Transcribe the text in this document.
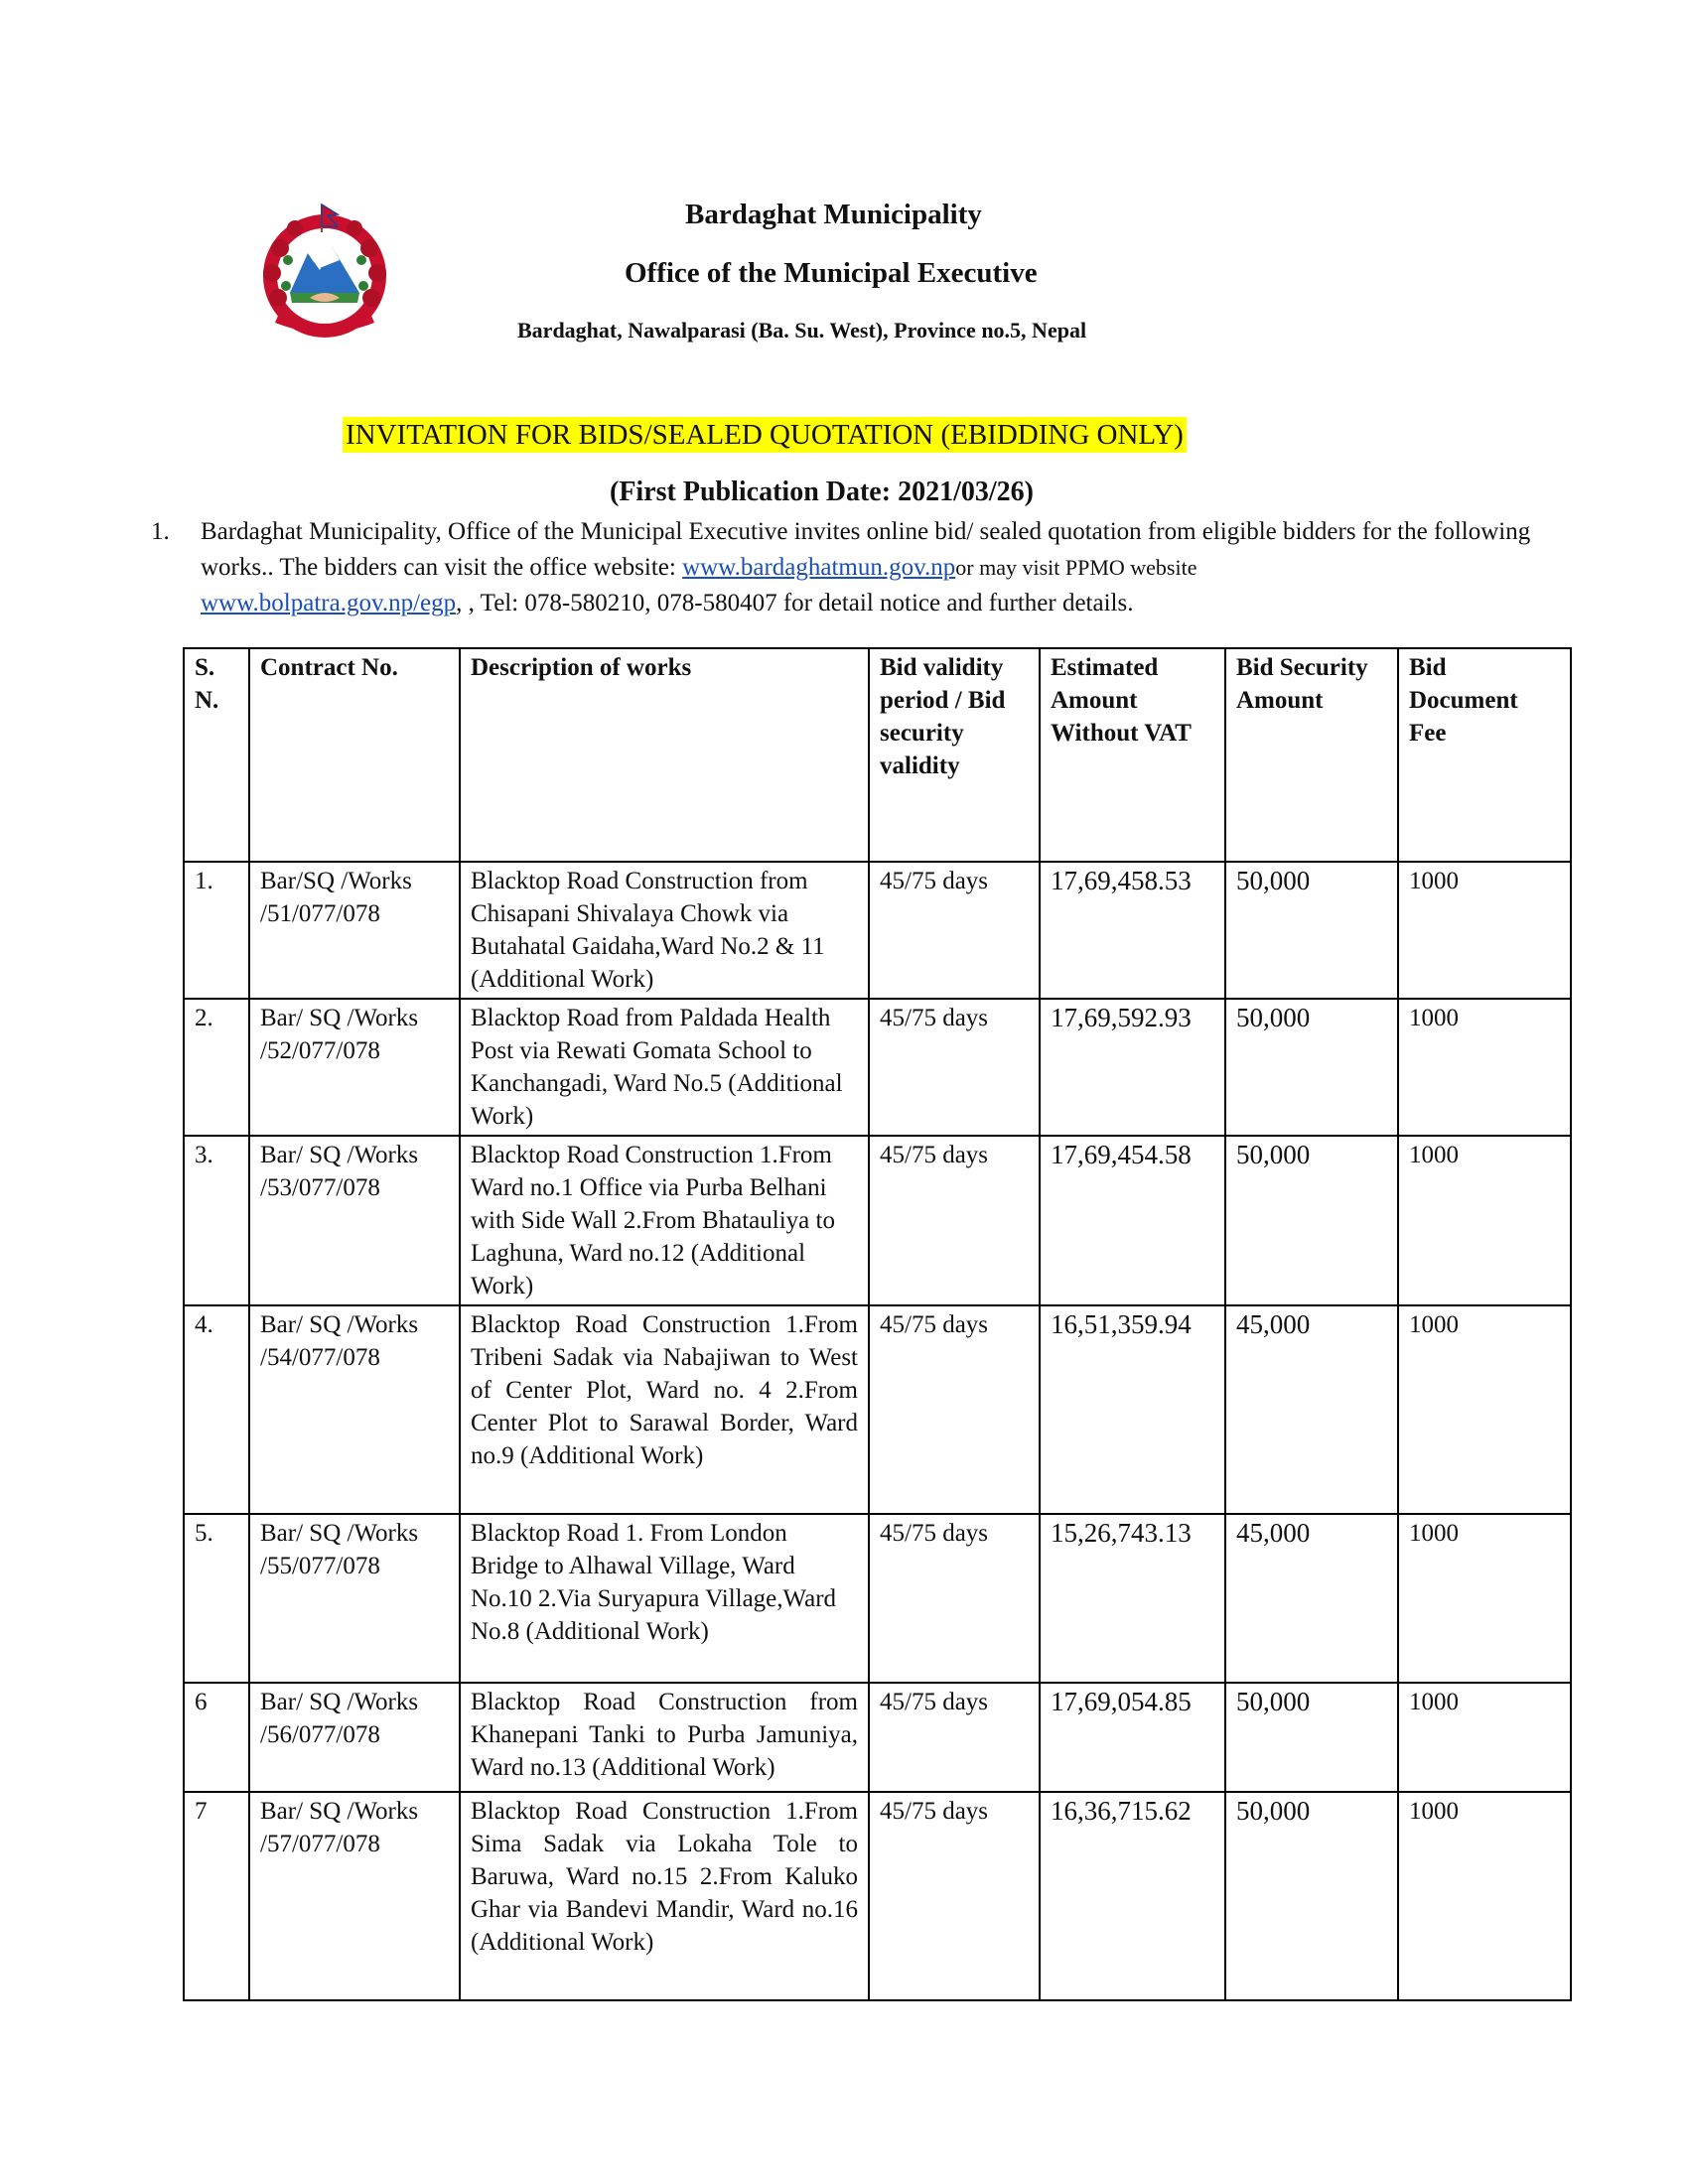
Bardaghat Municipality
Office of the Municipal Executive
Bardaghat, Nawalparasi (Ba. Su. West), Province no.5, Nepal
INVITATION FOR BIDS/SEALED QUOTATION (EBIDDING ONLY)
(First Publication Date: 2021/03/26)
1. Bardaghat Municipality, Office of the Municipal Executive invites online bid/ sealed quotation from eligible bidders for the following works.. The bidders can visit the office website: www.bardaghatmun.gov.npor may visit PPMO website
www.bolpatra.gov.np/egp, , Tel: 078-580210, 078-580407 for detail notice and further details.
S. N.	Contract No.	Description of works	Bid validity period / Bid security validity	Estimated Amount Without VAT	Bid Security Amount	Bid Document Fee
1.	Bar/SQ /Works /51/077/078	Blacktop Road Construction from Chisapani Shivalaya Chowk via Butahatal Gaidaha,Ward No.2 & 11 (Additional Work)	45/75 days	17,69,458.53	50,000	1000
2.	Bar/ SQ /Works /52/077/078	Blacktop Road from Paldada Health Post via Rewati Gomata School to Kanchangadi, Ward No.5 (Additional Work)	45/75 days	17,69,592.93	50,000	1000
3.	Bar/ SQ /Works /53/077/078	Blacktop Road Construction 1.From Ward no.1 Office via Purba Belhani with Side Wall 2.From Bhatauliya to Laghuna, Ward no.12 (Additional Work)	45/75 days	17,69,454.58	50,000	1000
4.	Bar/ SQ /Works /54/077/078	Blacktop Road Construction 1.From Tribeni Sadak via Nabajiwan to West of Center Plot, Ward no. 4 2.From Center Plot to Sarawal Border, Ward no.9 (Additional Work)	45/75 days	16,51,359.94	45,000	1000
5.	Bar/ SQ /Works /55/077/078	Blacktop Road 1. From London Bridge to Alhawal Village, Ward No.10 2.Via Suryapura Village,Ward No.8 (Additional Work)	45/75 days	15,26,743.13	45,000	1000
6	Bar/ SQ /Works /56/077/078	Blacktop Road Construction from Khanepani Tanki to Purba Jamuniya, Ward no.13 (Additional Work)	45/75 days	17,69,054.85	50,000	1000
7	Bar/ SQ /Works /57/077/078	Blacktop Road Construction 1.From Sima Sadak via Lokaha Tole to Baruwa, Ward no.15 2.From Kaluko Ghar via Bandevi Mandir, Ward no.16 (Additional Work)	45/75 days	16,36,715.62	50,000	1000
